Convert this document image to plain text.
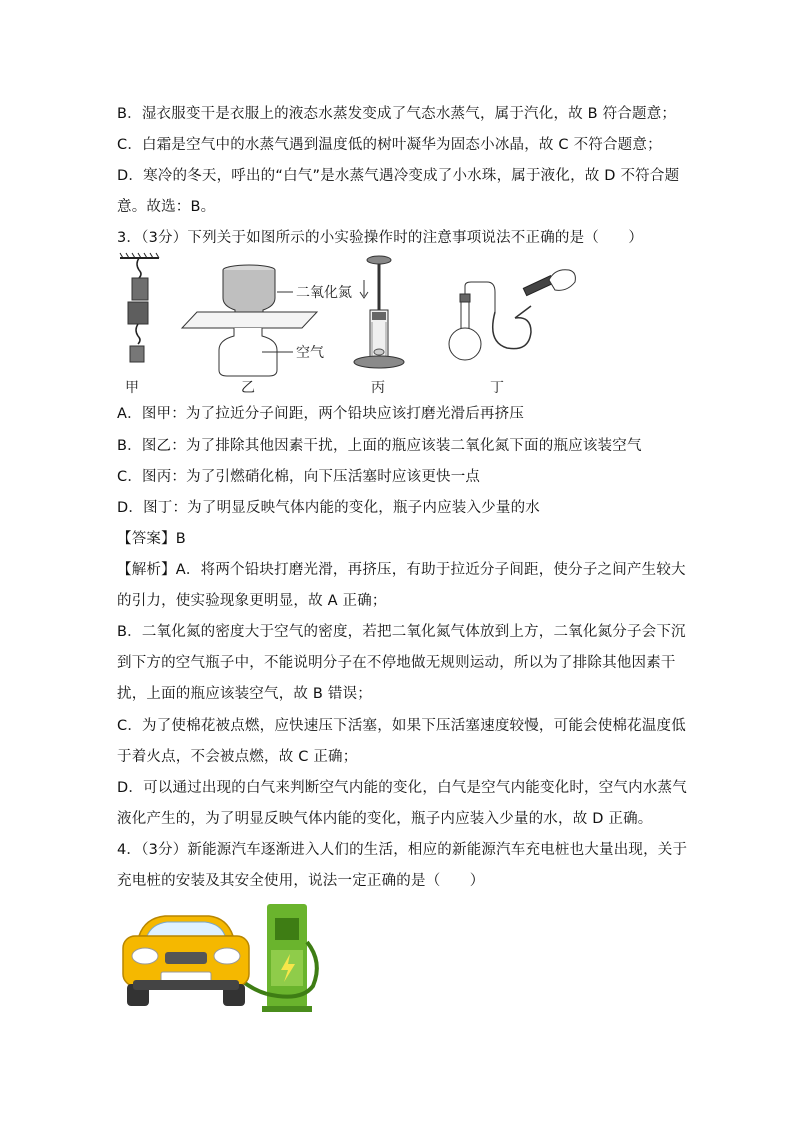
B．湿衣服变干是衣服上的液态水蒸发变成了气态水蒸气，属于汽化，故 B 符合题意；
C．白霜是空气中的水蒸气遇到温度低的树叶凝华为固态小冰晶，故 C 不符合题意；
D．寒冷的冬天，呼出的“白气”是水蒸气遇冷变成了小水珠，属于液化，故 D 不符合题
意。故选：B。
3．（3分）下列关于如图所示的小实验操作时的注意事项说法不正确的是（　　）
二氧化氮
空气
甲	乙	丙	丁
A．图甲：为了拉近分子间距，两个铅块应该打磨光滑后再挤压
B．图乙：为了排除其他因素干扰，上面的瓶应该装二氧化氮下面的瓶应该装空气
C．图丙：为了引燃硝化棉，向下压活塞时应该更快一点
D．图丁：为了明显反映气体内能的变化，瓶子内应装入少量的水
【答案】B
【解析】A．将两个铅块打磨光滑，再挤压，有助于拉近分子间距，使分子之间产生较大
的引力，使实验现象更明显，故 A 正确；
B．二氧化氮的密度大于空气的密度，若把二氧化氮气体放到上方，二氧化氮分子会下沉
到下方的空气瓶子中，不能说明分子在不停地做无规则运动，所以为了排除其他因素干
扰，上面的瓶应该装空气，故 B 错误；
C．为了使棉花被点燃，应快速压下活塞，如果下压活塞速度较慢，可能会使棉花温度低
于着火点，不会被点燃，故 C 正确；
D．可以通过出现的白气来判断空气内能的变化，白气是空气内能变化时，空气内水蒸气
液化产生的，为了明显反映气体内能的变化，瓶子内应装入少量的水，故 D 正确。
4．（3分）新能源汽车逐渐进入人们的生活，相应的新能源汽车充电桩也大量出现，关于
充电桩的安装及其安全使用，说法一定正确的是（　　）
